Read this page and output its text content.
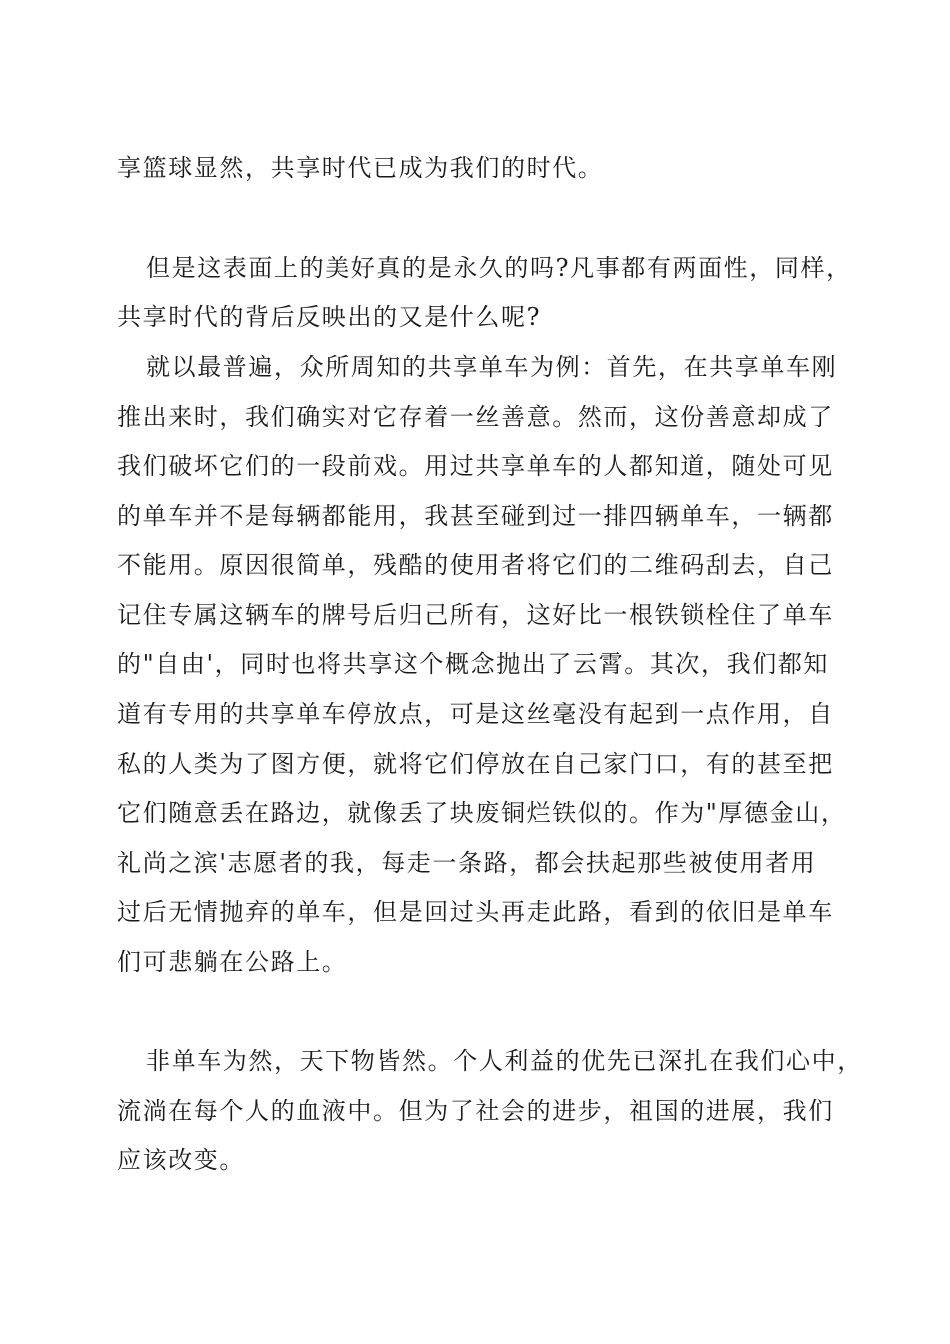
享篮球显然，共享时代已成为我们的时代。
但是这表面上的美好真的是永久的吗?凡事都有两面性，同样，
共享时代的背后反映出的又是什么呢?
就以最普遍，众所周知的共享单车为例：首先，在共享单车刚
推出来时，我们确实对它存着一丝善意。然而，这份善意却成了
我们破坏它们的一段前戏。用过共享单车的人都知道，随处可见
的单车并不是每辆都能用，我甚至碰到过一排四辆单车，一辆都
不能用。原因很简单，残酷的使用者将它们的二维码刮去，自己
记住专属这辆车的牌号后归己所有，这好比一根铁锁栓住了单车
的"自由'，同时也将共享这个概念抛出了云霄。其次，我们都知
道有专用的共享单车停放点，可是这丝毫没有起到一点作用，自
私的人类为了图方便，就将它们停放在自己家门口，有的甚至把
它们随意丢在路边，就像丢了块废铜烂铁似的。作为"厚德金山，
礼尚之滨'志愿者的我，每走一条路，都会扶起那些被使用者用
过后无情抛弃的单车，但是回过头再走此路，看到的依旧是单车
们可悲躺在公路上。
非单车为然，天下物皆然。个人利益的优先已深扎在我们心中，
流淌在每个人的血液中。但为了社会的进步，祖国的进展，我们
应该改变。
